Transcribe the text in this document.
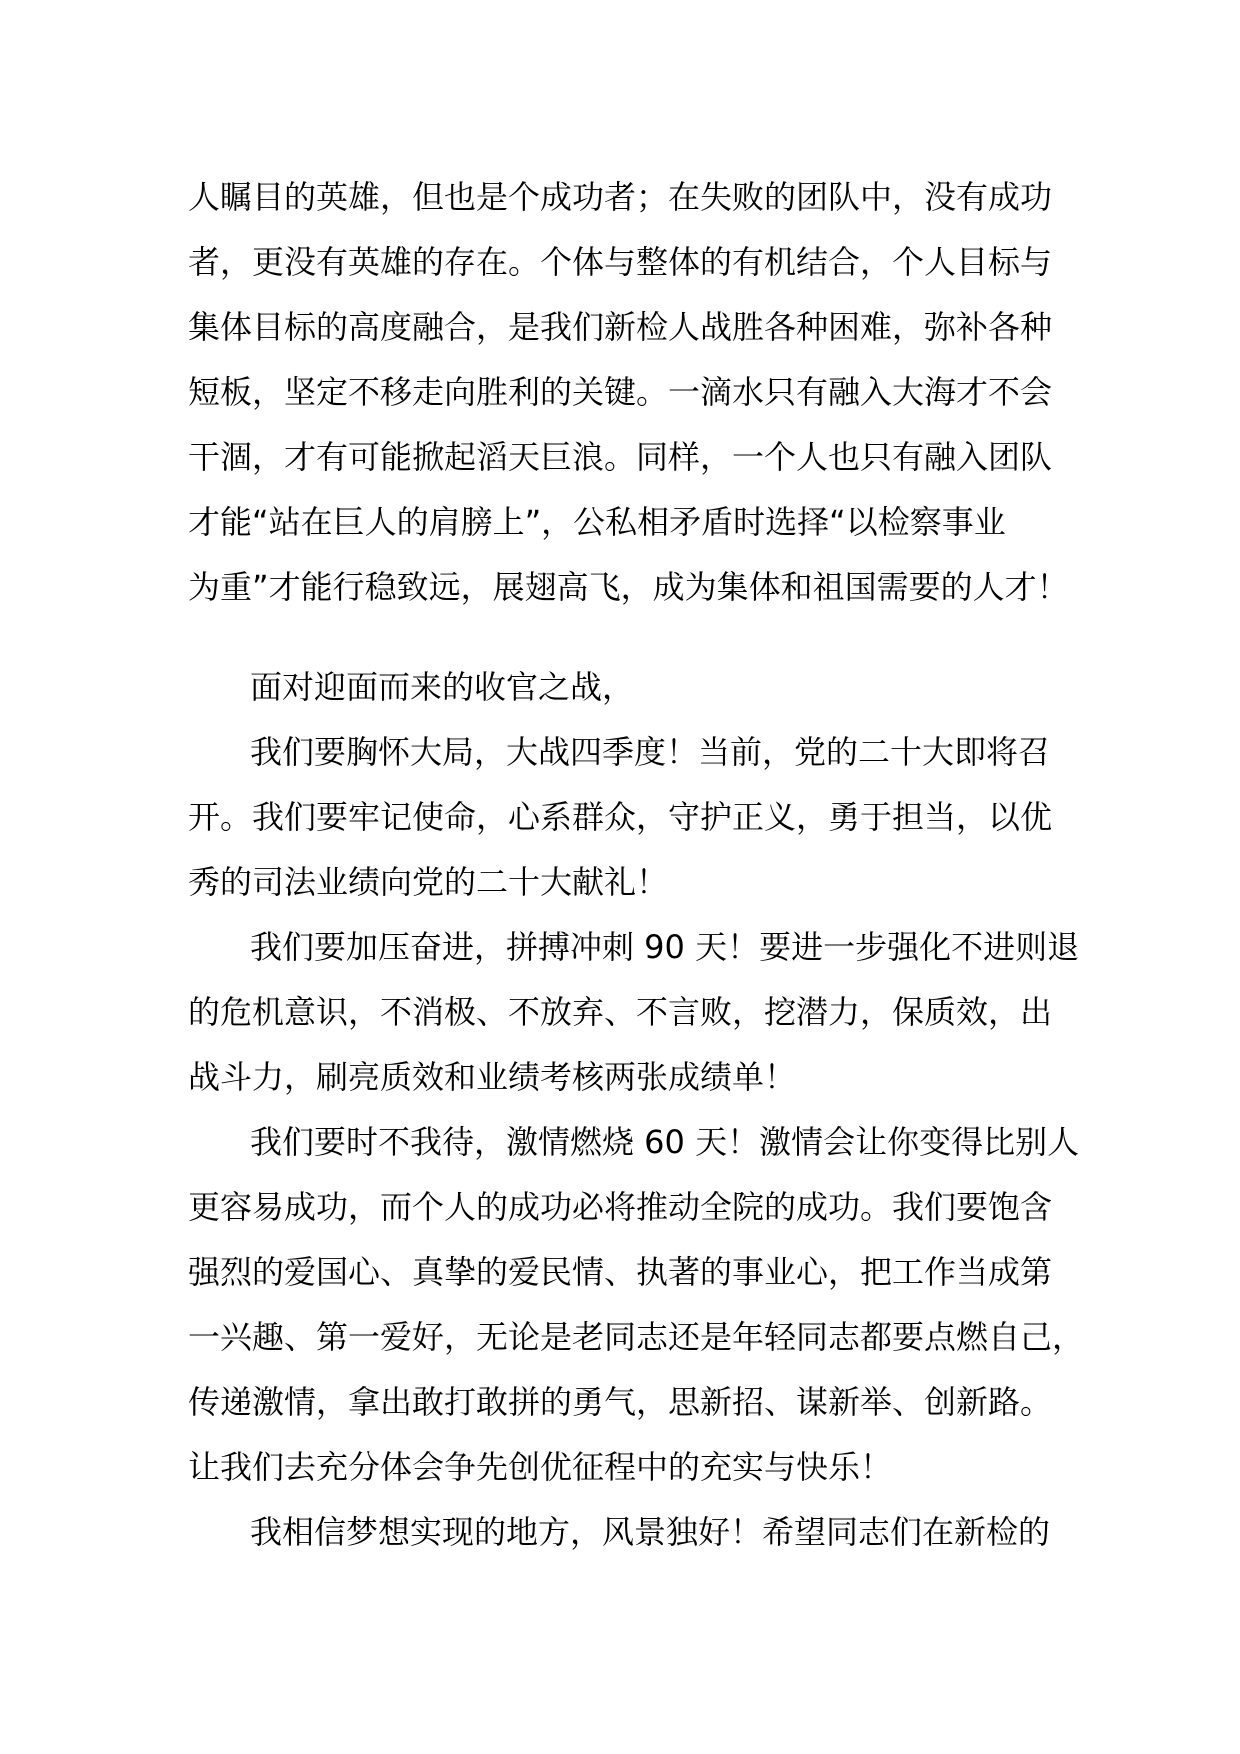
人瞩目的英雄，但也是个成功者；在失败的团队中，没有成功
者，更没有英雄的存在。个体与整体的有机结合，个人目标与
集体目标的高度融合，是我们新检人战胜各种困难，弥补各种
短板，坚定不移走向胜利的关键。一滴水只有融入大海才不会
干涸，才有可能掀起滔天巨浪。同样，一个人也只有融入团队
才能“站在巨人的肩膀上”，公私相矛盾时选择“以检察事业
为重”才能行稳致远，展翅高飞，成为集体和祖国需要的人才！
面对迎面而来的收官之战，
我们要胸怀大局，大战四季度！当前，党的二十大即将召
开。我们要牢记使命，心系群众，守护正义，勇于担当，以优
秀的司法业绩向党的二十大献礼！
我们要加压奋进，拼搏冲刺 90 天！要进一步强化不进则退
的危机意识，不消极、不放弃、不言败，挖潜力，保质效，出
战斗力，刷亮质效和业绩考核两张成绩单！
我们要时不我待，激情燃烧 60 天！激情会让你变得比别人
更容易成功，而个人的成功必将推动全院的成功。我们要饱含
强烈的爱国心、真挚的爱民情、执著的事业心，把工作当成第
一兴趣、第一爱好，无论是老同志还是年轻同志都要点燃自己，
传递激情，拿出敢打敢拼的勇气，思新招、谋新举、创新路。
让我们去充分体会争先创优征程中的充实与快乐！
我相信梦想实现的地方，风景独好！希望同志们在新检的
